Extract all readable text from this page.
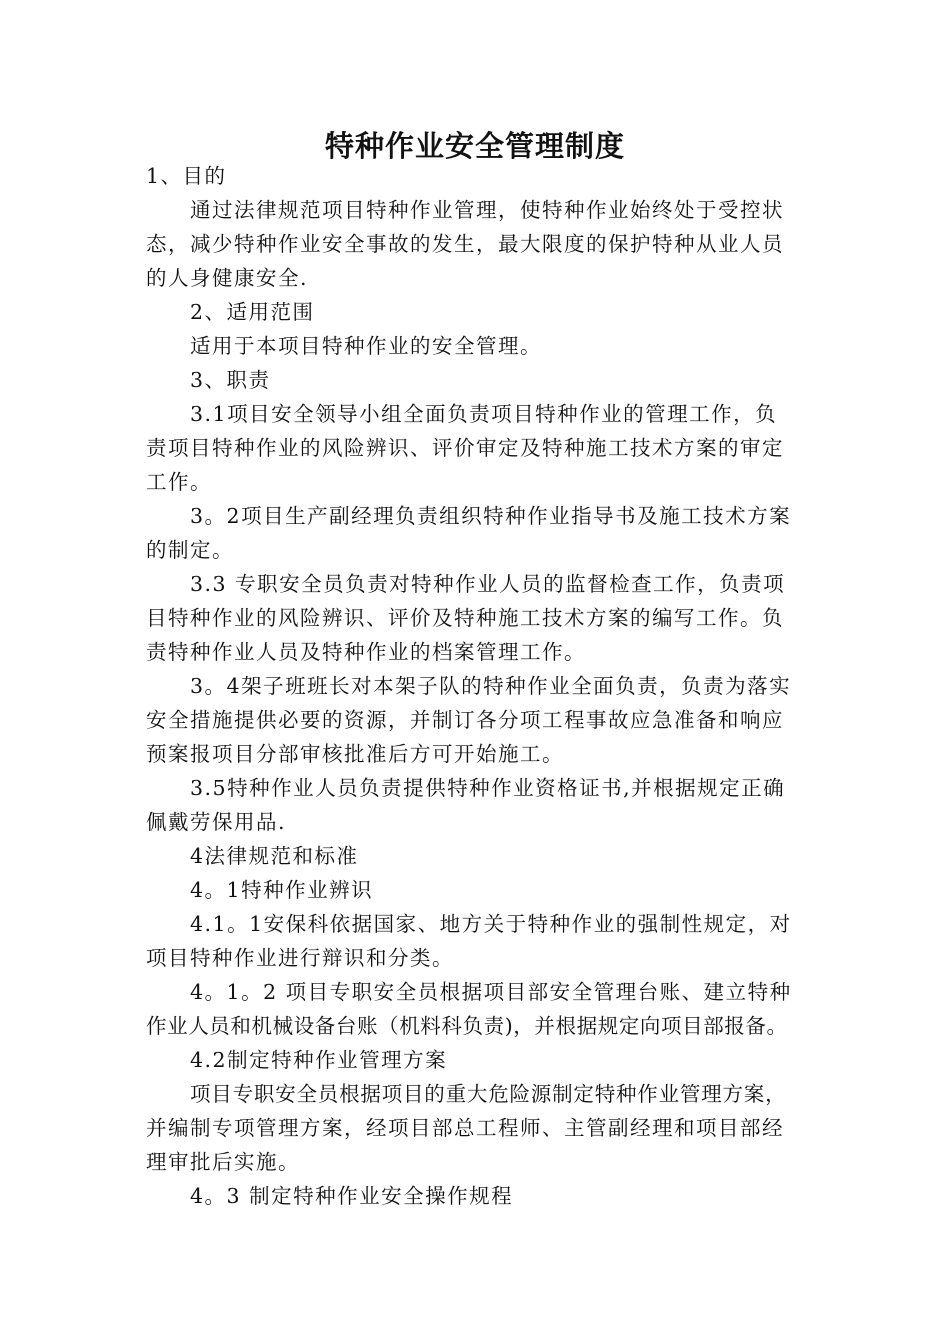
特种作业安全管理制度
1、目的
通过法律规范项目特种作业管理，使特种作业始终处于受控状
态，减少特种作业安全事故的发生，最大限度的保护特种从业人员
的人身健康安全.
2、适用范围
适用于本项目特种作业的安全管理。
3、职责
3.1项目安全领导小组全面负责项目特种作业的管理工作，负
责项目特种作业的风险辨识、评价审定及特种施工技术方案的审定
工作。
3。2项目生产副经理负责组织特种作业指导书及施工技术方案
的制定。
3.3 专职安全员负责对特种作业人员的监督检查工作，负责项
目特种作业的风险辨识、评价及特种施工技术方案的编写工作。负
责特种作业人员及特种作业的档案管理工作。
3。4架子班班长对本架子队的特种作业全面负责，负责为落实
安全措施提供必要的资源，并制订各分项工程事故应急准备和响应
预案报项目分部审核批准后方可开始施工。
3.5特种作业人员负责提供特种作业资格证书,并根据规定正确
佩戴劳保用品.
4法律规范和标准
4。1特种作业辨识
4.1。1安保科依据国家、地方关于特种作业的强制性规定，对
项目特种作业进行辩识和分类。
4。1。2 项目专职安全员根据项目部安全管理台账、建立特种
作业人员和机械设备台账（机料科负责)，并根据规定向项目部报备。
4.2制定特种作业管理方案
项目专职安全员根据项目的重大危险源制定特种作业管理方案，
并编制专项管理方案，经项目部总工程师、主管副经理和项目部经
理审批后实施。
4。3 制定特种作业安全操作规程
